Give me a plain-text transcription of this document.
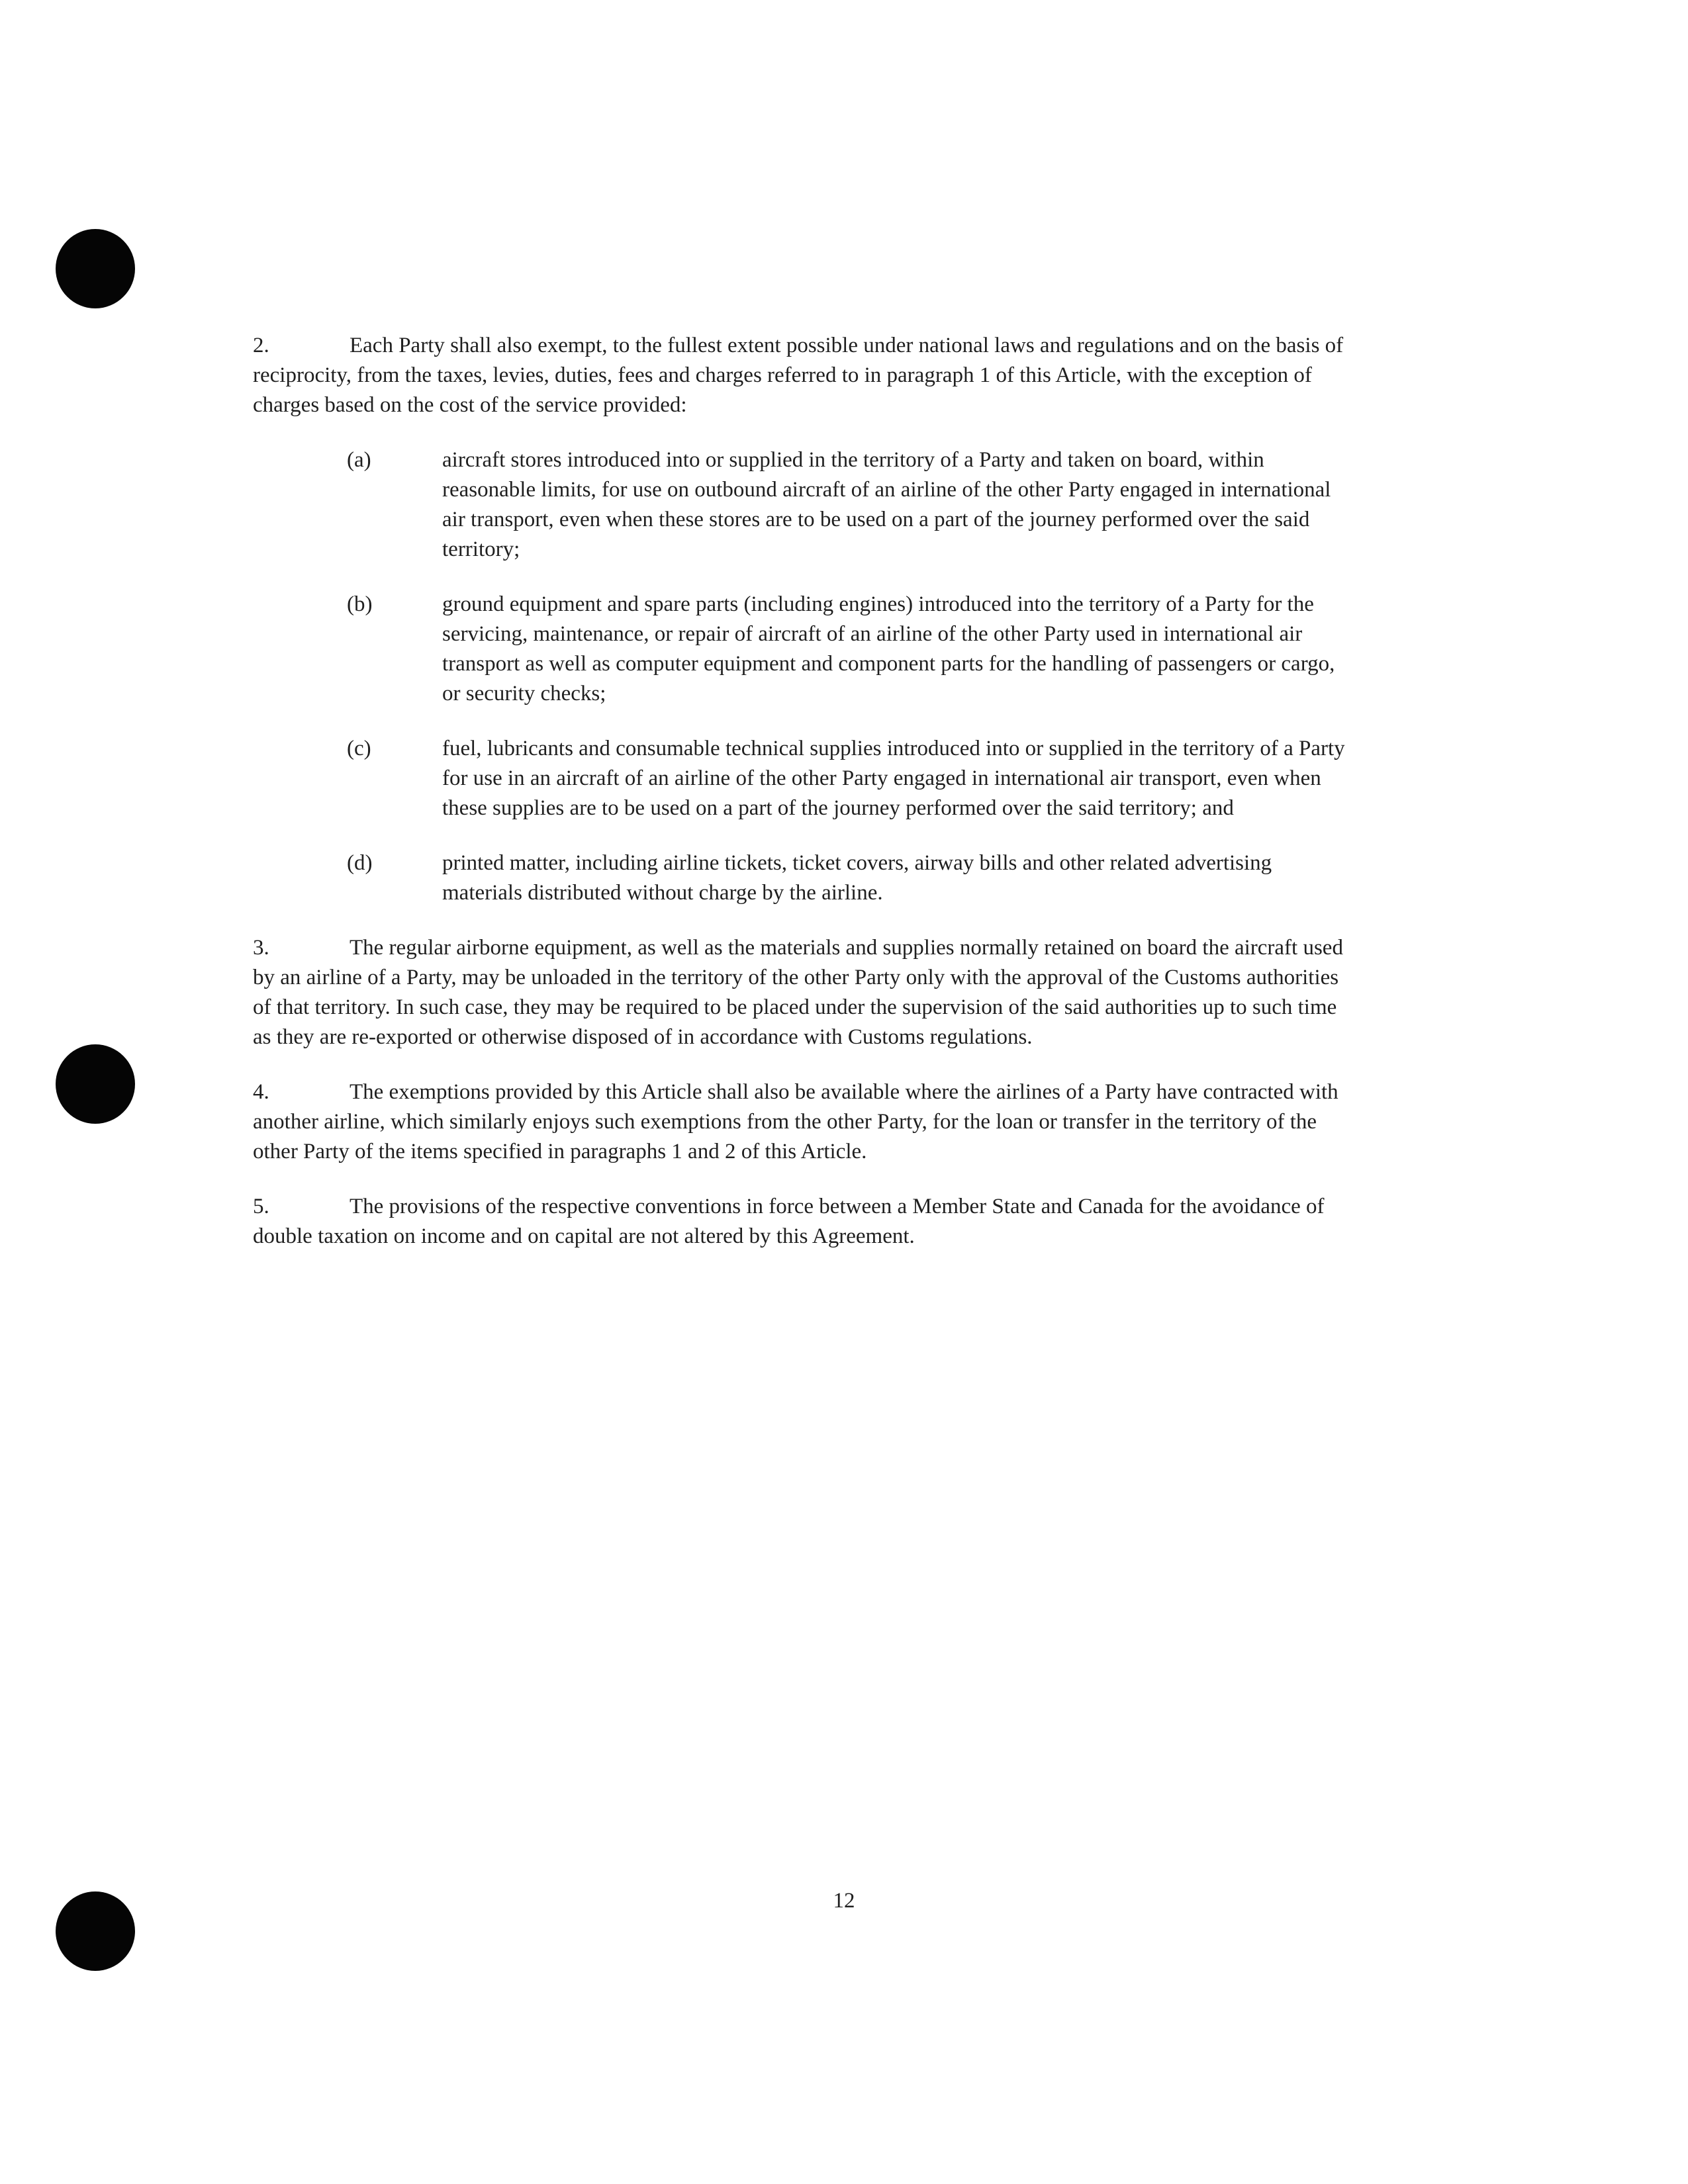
2.	Each Party shall also exempt, to the fullest extent possible under national laws and regulations and on the basis of reciprocity, from the taxes, levies, duties, fees and charges referred to in paragraph 1 of this Article, with the exception of charges based on the cost of the service provided:

(a)	aircraft stores introduced into or supplied in the territory of a Party and taken on board, within reasonable limits, for use on outbound aircraft of an airline of the other Party engaged in international air transport, even when these stores are to be used on a part of the journey performed over the said territory;
(b)	ground equipment and spare parts (including engines) introduced into the territory of a Party for the servicing, maintenance, or repair of aircraft of an airline of the other Party used in international air transport as well as computer equipment and component parts for the handling of passengers or cargo, or security checks;
(c)	fuel, lubricants and consumable technical supplies introduced into or supplied in the territory of a Party for use in an aircraft of an airline of the other Party engaged in international air transport, even when these supplies are to be used on a part of the journey performed over the said territory; and
(d)	printed matter, including airline tickets, ticket covers, airway bills and other related advertising materials distributed without charge by the airline.

3.	The regular airborne equipment, as well as the materials and supplies normally retained on board the aircraft used by an airline of a Party, may be unloaded in the territory of the other Party only with the approval of the Customs authorities of that territory. In such case, they may be required to be placed under the supervision of the said authorities up to such time as they are re-exported or otherwise disposed of in accordance with Customs regulations.

4.	The exemptions provided by this Article shall also be available where the airlines of a Party have contracted with another airline, which similarly enjoys such exemptions from the other Party, for the loan or transfer in the territory of the other Party of the items specified in paragraphs 1 and 2 of this Article.

5.	The provisions of the respective conventions in force between a Member State and Canada for the avoidance of double taxation on income and on capital are not altered by this Agreement.

12
